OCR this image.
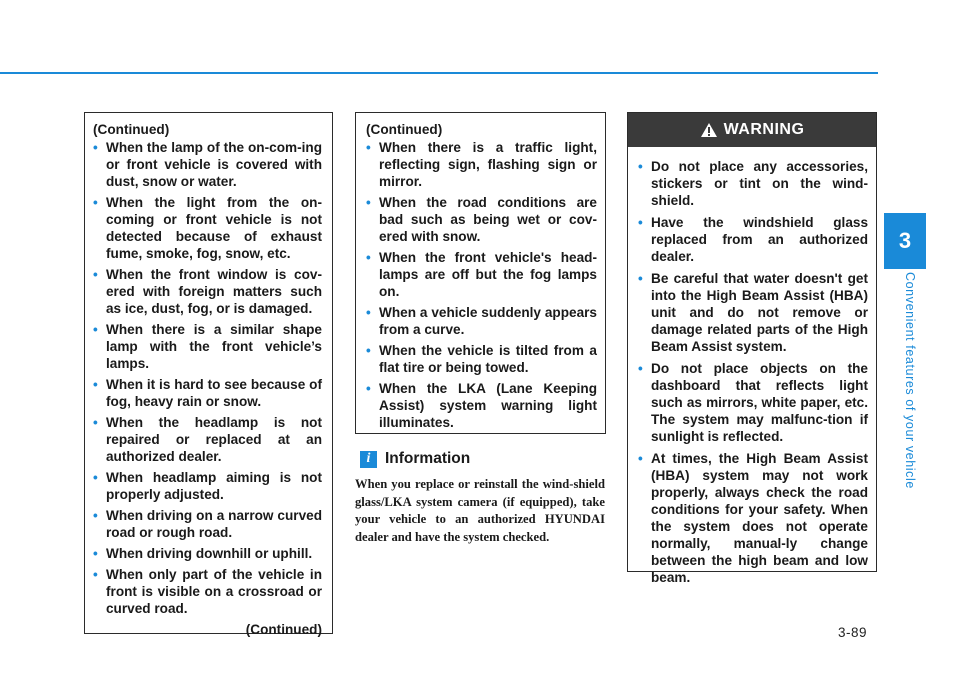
(Continued)
• When the lamp of the on-com-ing or front vehicle is covered with dust, snow or water.
• When the light from the on-coming or front vehicle is not detected because of exhaust fume, smoke, fog, snow, etc.
• When the front window is cov-ered with foreign matters such as ice, dust, fog, or is damaged.
• When there is a similar shape lamp with the front vehicle’s lamps.
• When it is hard to see because of fog, heavy rain or snow.
• When the headlamp is not repaired or replaced at an authorized dealer.
• When headlamp aiming is not properly adjusted.
• When driving on a narrow curved road or rough road.
• When driving downhill or uphill.
• When only part of the vehicle in front is visible on a crossroad or curved road.
(Continued)
(Continued)
• When there is a traffic light, reflecting sign, flashing sign or mirror.
• When the road conditions are bad such as being wet or cov-ered with snow.
• When the front vehicle's head-lamps are off but the fog lamps on.
• When a vehicle suddenly appears from a curve.
• When the vehicle is tilted from a flat tire or being towed.
• When the LKA (Lane Keeping Assist) system warning light illuminates.
i Information
When you replace or reinstall the wind-shield glass/LKA system camera (if equipped), take your vehicle to an authorized HYUNDAI dealer and have the system checked.
WARNING
• Do not place any accessories, stickers or tint on the wind-shield.
• Have the windshield glass replaced from an authorized dealer.
• Be careful that water doesn't get into the High Beam Assist (HBA) unit and do not remove or damage related parts of the High Beam Assist system.
• Do not place objects on the dashboard that reflects light such as mirrors, white paper, etc. The system may malfunc-tion if sunlight is reflected.
• At times, the High Beam Assist (HBA) system may not work properly, always check the road conditions for your safety. When the system does not operate normally, manual-ly change between the high beam and low beam.
3
Convenient features of your vehicle
3-89
